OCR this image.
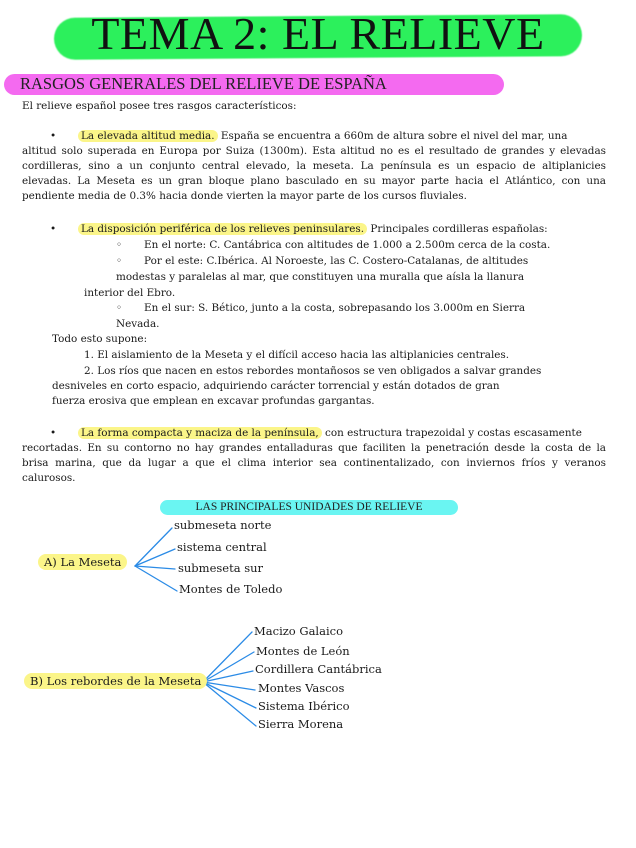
TEMA 2: EL RELIEVE
RASGOS GENERALES DEL RELIEVE DE ESPAÑA
El relieve español posee tres rasgos característicos:
• La elevada altitud media. España se encuentra a 660m de altura sobre el nivel del mar, una
altitud solo superada en Europa por Suiza (1300m). Esta altitud no es el resultado de grandes y elevadas
cordilleras, sino a un conjunto central elevado, la meseta. La península es un espacio de altiplanicies
elevadas. La Meseta es un gran bloque plano basculado en su mayor parte hacia el Atlántico, con una
pendiente media de 0.3% hacia donde vierten la mayor parte de los cursos fluviales.
• La disposición periférica de los relieves peninsulares. Principales cordilleras españolas:
◦ En el norte: C. Cantábrica con altitudes de 1.000 a 2.500m cerca de la costa.
◦ Por el este: C.Ibérica. Al Noroeste, las C. Costero-Catalanas, de altitudes
modestas y paralelas al mar, que constituyen una muralla que aísla la llanura
interior del Ebro.
◦ En el sur: S. Bético, junto a la costa, sobrepasando los 3.000m en Sierra
Nevada.
Todo esto supone:
1. El aislamiento de la Meseta y el difícil acceso hacia las altiplanicies centrales.
2. Los ríos que nacen en estos rebordes montañosos se ven obligados a salvar grandes
desniveles en corto espacio, adquiriendo carácter torrencial y están dotados de gran
fuerza erosiva que emplean en excavar profundas gargantas.
• La forma compacta y maciza de la península, con estructura trapezoidal y costas escasamente
recortadas. En su contorno no hay grandes entalladuras que faciliten la penetración desde la costa de la
brisa marina, que da lugar a que el clima interior sea continentalizado, con inviernos fríos y veranos
calurosos.
LAS PRINCIPALES UNIDADES DE RELIEVE
A) La Meseta
submeseta norte
sistema central
submeseta sur
Montes de Toledo
B) Los rebordes de la Meseta
Macizo Galaico
Montes de León
Cordillera Cantábrica
Montes Vascos
Sistema Ibérico
Sierra Morena
